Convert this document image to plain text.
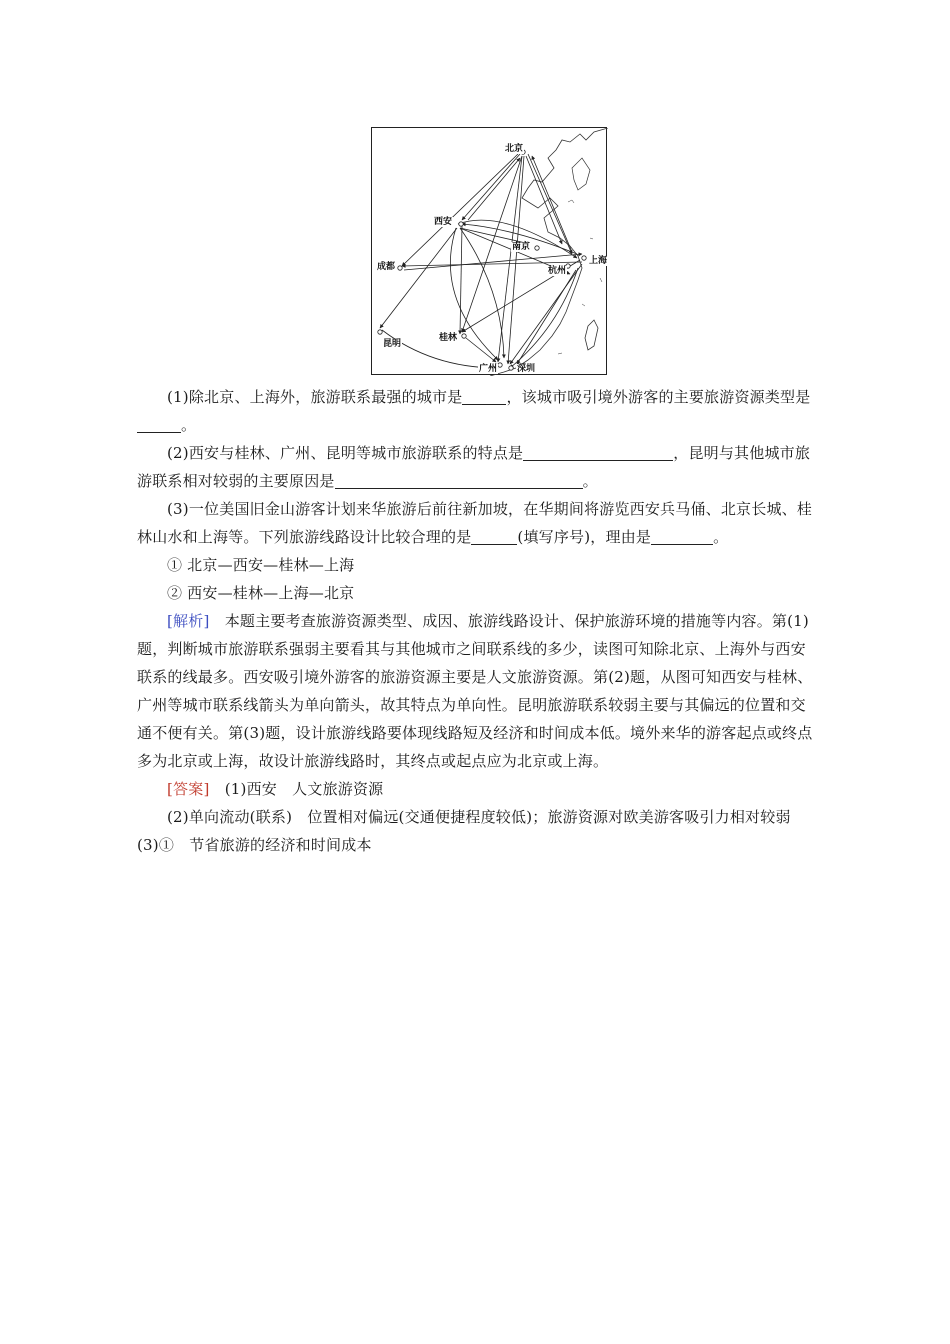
北京
西安
南京
成都	杭州
上海
昆明
桂林
广州 深圳

(1)除北京、上海外，旅游联系最强的城市是	，该城市吸引境外游客的主要旅游资源类型是。

(2)西安与桂林、广州、昆明等城市旅游联系的特点是	，昆明与其他城市旅游联系相对较弱的主要原因是	。

(3)一位美国旧金山游客计划来华旅游后前往新加坡，在华期间将游览西安兵马俑、北京长城、桂林山水和上海等。下列旅游线路设计比较合理的是	(填写序号)，理由是	。

① 北京—西安—桂林—上海

② 西安—桂林—上海—北京

[解析]　本题主要考查旅游资源类型、成因、旅游线路设计、保护旅游环境的措施等内容。第(1)题，判断城市旅游联系强弱主要看其与其他城市之间联系线的多少，读图可知除北京、上海外与西安联系的线最多。西安吸引境外游客的旅游资源主要是人文旅游资源。第(2)题，从图可知西安与桂林、广州等城市联系线箭头为单向箭头，故其特点为单向性。昆明旅游联系较弱主要与其偏远的位置和交通不便有关。第(3)题，设计旅游线路要体现线路短及经济和时间成本低。境外来华的游客起点或终点多为北京或上海，故设计旅游线路时，其终点或起点应为北京或上海。

[答案]　(1)西安　人文旅游资源

(2)单向流动(联系)　位置相对偏远(交通便捷程度较低)；旅游资源对欧美游客吸引力相对较弱　(3)①　节省旅游的经济和时间成本
